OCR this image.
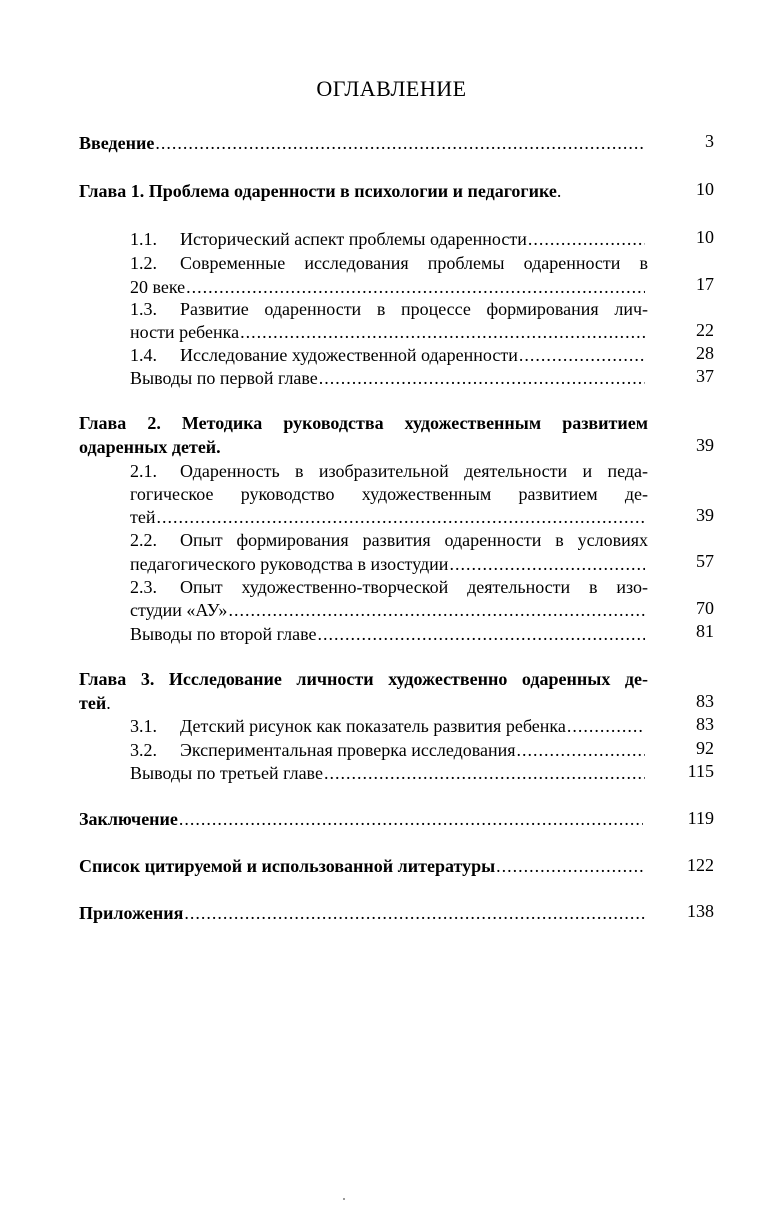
ОГЛАВЛЕНИЕ
Введение .....	3
Глава 1. Проблема одаренности в психологии и педагогике.	10
1.1. Исторический аспект проблемы одаренности .....	10
1.2. Современные исследования проблемы одаренности в
20 веке .....	17
1.3. Развитие одаренности в процессе формирования лич-
ности ребенка .....	22
1.4. Исследование художественной одаренности .....	28
Выводы по первой главе .....	37
Глава 2. Методика руководства художественным развитием
одаренных детей.	39
2.1. Одаренность в изобразительной деятельности и педа-
гогическое руководство художественным развитием де-
тей .....	39
2.2. Опыт формирования развития одаренности в условиях
педагогического руководства в изостудии .....	57
2.3. Опыт художественно-творческой деятельности в изо-
студии «АУ» .....	70
Выводы по второй главе .....	81
Глава 3. Исследование личности художественно одаренных де-
тей.	83
3.1. Детский рисунок как показатель развития ребенка .....	83
3.2. Экспериментальная проверка исследования .....	92
Выводы по третьей главе .....	115
Заключение .....	119
Список цитируемой и использованной литературы .....	122
Приложения .....	138
